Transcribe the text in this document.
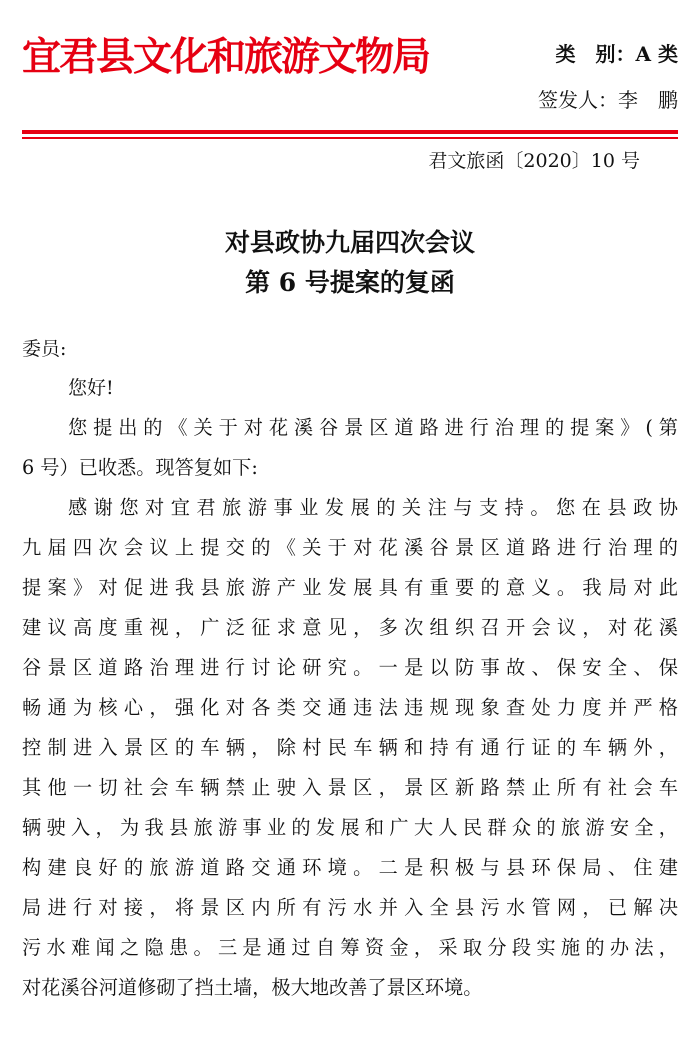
宜君县文化和旅游文物局	类　别：A 类
签发人：李　鹏
君文旅函〔2020〕10 号
对县政协九届四次会议
第 6 号提案的复函
委员:
您好!
您提出的《关于对花溪谷景区道路进行治理的提案》(第
6 号）已收悉。现答复如下:
感谢您对宜君旅游事业发展的关注与支持。您在县政协
九届四次会议上提交的《关于对花溪谷景区道路进行治理的
提案》对促进我县旅游产业发展具有重要的意义。我局对此
建议高度重视，广泛征求意见，多次组织召开会议，对花溪
谷景区道路治理进行讨论研究。一是以防事故、保安全、保
畅通为核心，强化对各类交通违法违规现象查处力度并严格
控制进入景区的车辆，除村民车辆和持有通行证的车辆外，
其他一切社会车辆禁止驶入景区，景区新路禁止所有社会车
辆驶入，为我县旅游事业的发展和广大人民群众的旅游安全，
构建良好的旅游道路交通环境。二是积极与县环保局、住建
局进行对接，将景区内所有污水并入全县污水管网，已解决
污水难闻之隐患。三是通过自筹资金，采取分段实施的办法，
对花溪谷河道修砌了挡土墙，极大地改善了景区环境。
